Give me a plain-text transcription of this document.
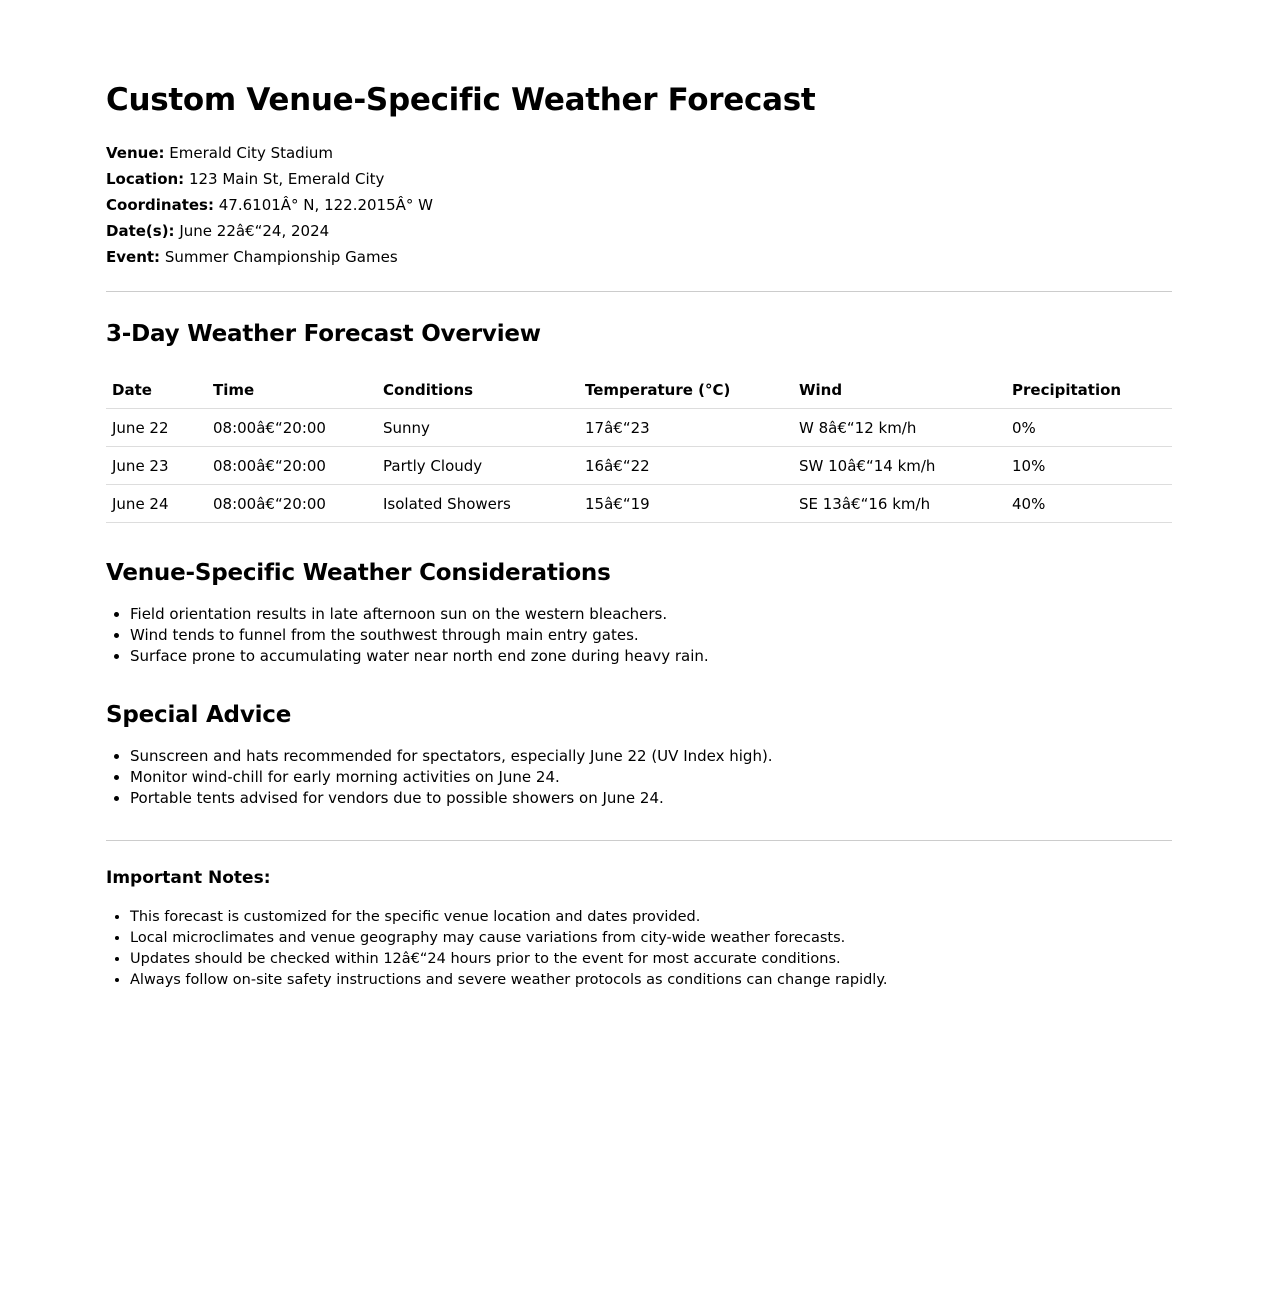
Custom Venue-Specific Weather Forecast

Venue: Emerald City Stadium

Location: 123 Main St, Emerald City

Coordinates: 47.6101Â° N, 122.2015Â° W

Date(s): June 22â€“24, 2024

Event: Summer Championship Games

3-Day Weather Forecast Overview
Date	Time	Conditions	Temperature (°C)	Wind	Precipitation
June 22	08:00â€“20:00	Sunny	17â€“23	W 8â€“12 km/h	0%
June 23	08:00â€“20:00	Partly Cloudy	16â€“22	SW 10â€“14 km/h	10%
June 24	08:00â€“20:00	Isolated Showers	15â€“19	SE 13â€“16 km/h	40%
Venue-Specific Weather Considerations
• Field orientation results in late afternoon sun on the western bleachers.
• Wind tends to funnel from the southwest through main entry gates.
• Surface prone to accumulating water near north end zone during heavy rain.
Special Advice
• Sunscreen and hats recommended for spectators, especially June 22 (UV Index high).
• Monitor wind-chill for early morning activities on June 24.
• Portable tents advised for vendors due to possible showers on June 24.
Important Notes:
• This forecast is customized for the specific venue location and dates provided.
• Local microclimates and venue geography may cause variations from city-wide weather forecasts.
• Updates should be checked within 12â€“24 hours prior to the event for most accurate conditions.
• Always follow on-site safety instructions and severe weather protocols as conditions can change rapidly.
